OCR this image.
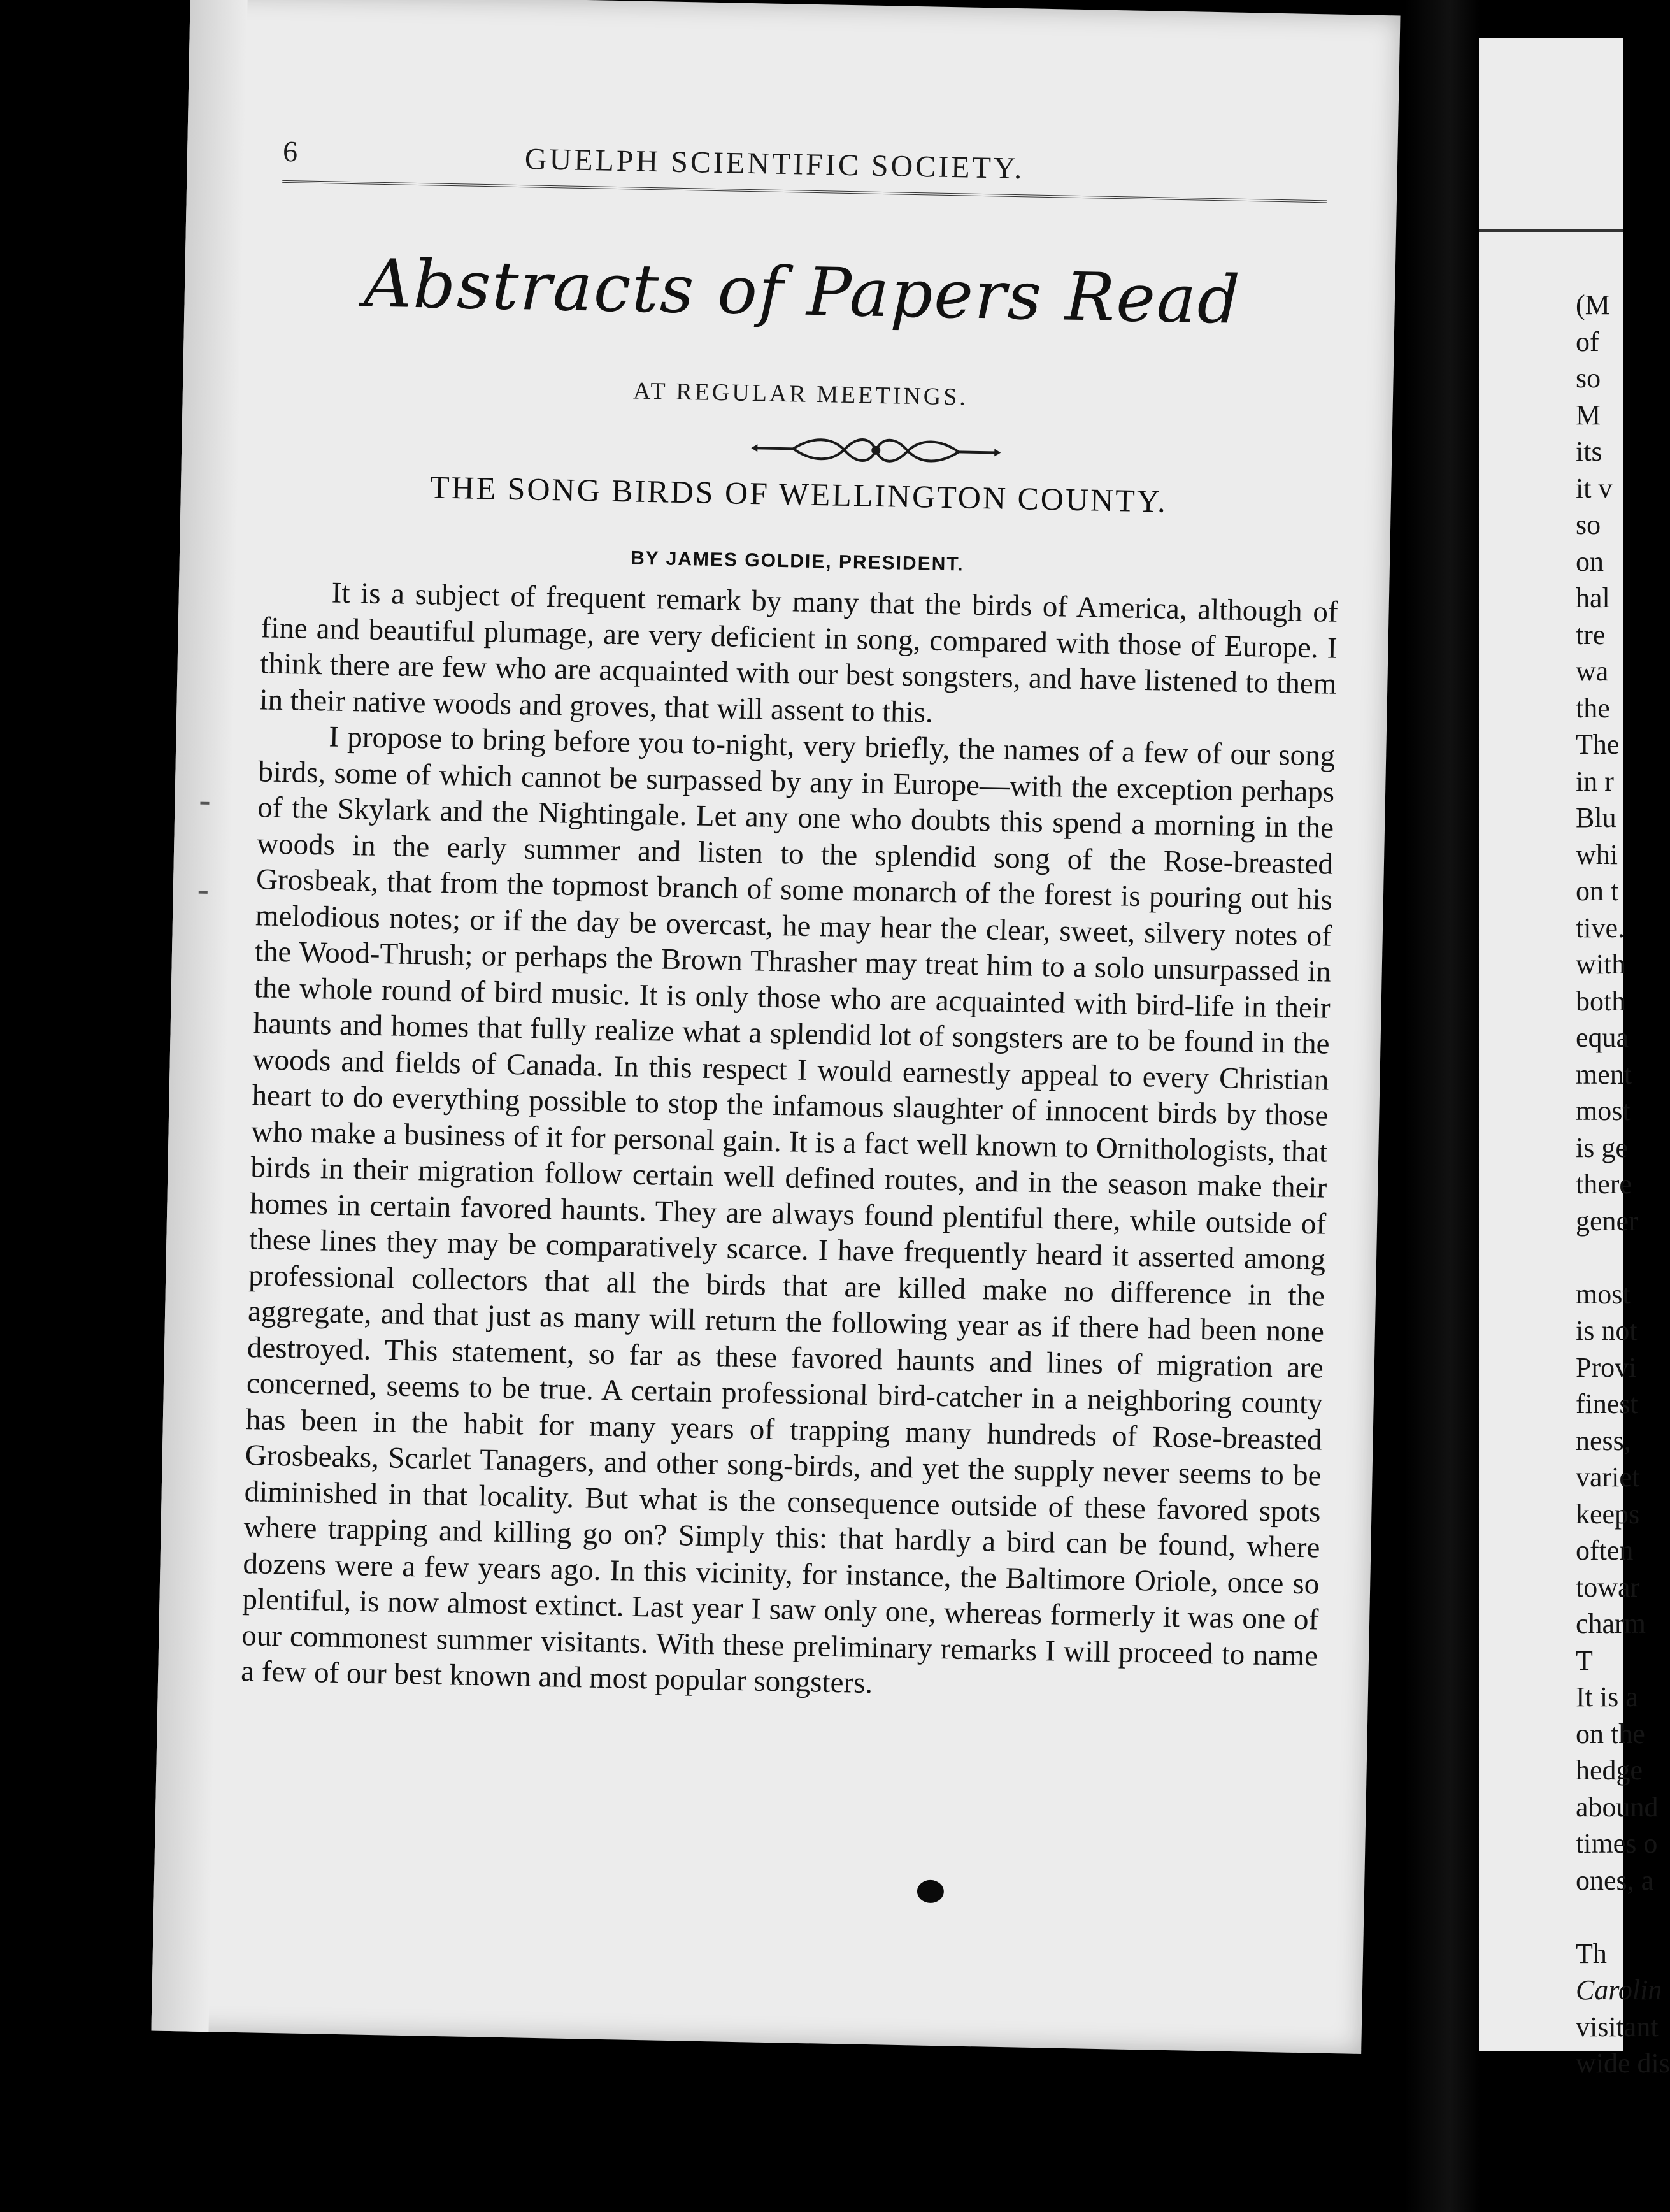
6	GUELPH SCIENTIFIC SOCIETY.
Abstracts of Papers Read
AT REGULAR MEETINGS.
THE SONG BIRDS OF WELLINGTON COUNTY.
BY JAMES GOLDIE, PRESIDENT.

It is a subject of frequent remark by many that the birds of America, although of fine and beautiful plumage, are very deficient in song, compared with those of Europe. I think there are few who are acquainted with our best songsters, and have listened to them in their native woods and groves, that will assent to this.

I propose to bring before you to-night, very briefly, the names of a few of our song birds, some of which cannot be surpassed by any in Europe—with the exception perhaps of the Skylark and the Nightingale. Let any one who doubts this spend a morning in the woods in the early summer and listen to the splendid song of the Rose-breasted Grosbeak, that from the topmost branch of some monarch of the forest is pouring out his melodious notes; or if the day be overcast, he may hear the clear, sweet, silvery notes of the Wood-Thrush; or perhaps the Brown Thrasher may treat him to a solo unsurpassed in the whole round of bird music. It is only those who are acquainted with bird-life in their haunts and homes that fully realize what a splendid lot of songsters are to be found in the woods and fields of Canada. In this respect I would earnestly appeal to every Christian heart to do everything possible to stop the infamous slaughter of innocent birds by those who make a business of it for personal gain. It is a fact well known to Ornithologists, that birds in their migration follow certain well defined routes, and in the season make their homes in certain favored haunts. They are always found plentiful there, while outside of these lines they may be comparatively scarce. I have frequently heard it asserted among professional collectors that all the birds that are killed make no difference in the aggregate, and that just as many will return the following year as if there had been none destroyed. This statement, so far as these favored haunts and lines of migration are concerned, seems to be true. A certain professional bird-catcher in a neighboring county has been in the habit for many years of trapping many hundreds of Rose-breasted Grosbeaks, Scarlet Tanagers, and other song-birds, and yet the supply never seems to be diminished in that locality. But what is the consequence outside of these favored spots where trapping and killing go on? Simply this: that hardly a bird can be found, where dozens were a few years ago. In this vicinity, for instance, the Baltimore Oriole, once so plentiful, is now almost extinct. Last year I saw only one, whereas formerly it was one of our commonest summer visitants. With these preliminary remarks I will proceed to name a few of our best known and most popular songsters.

(M
of
so
M
its
it v
so
on
hal
tre
wa
the
The
in r
Blu
whi
on t
tive.
with
both
equa
ment
most
is ge
there
gener
most
is not
Provi
finest
ness,
variet
keeps
often
towar
charm
T
It is a
on the
hedge
abound
times o
ones, a
Th
Carolin
visitant
wide dis
